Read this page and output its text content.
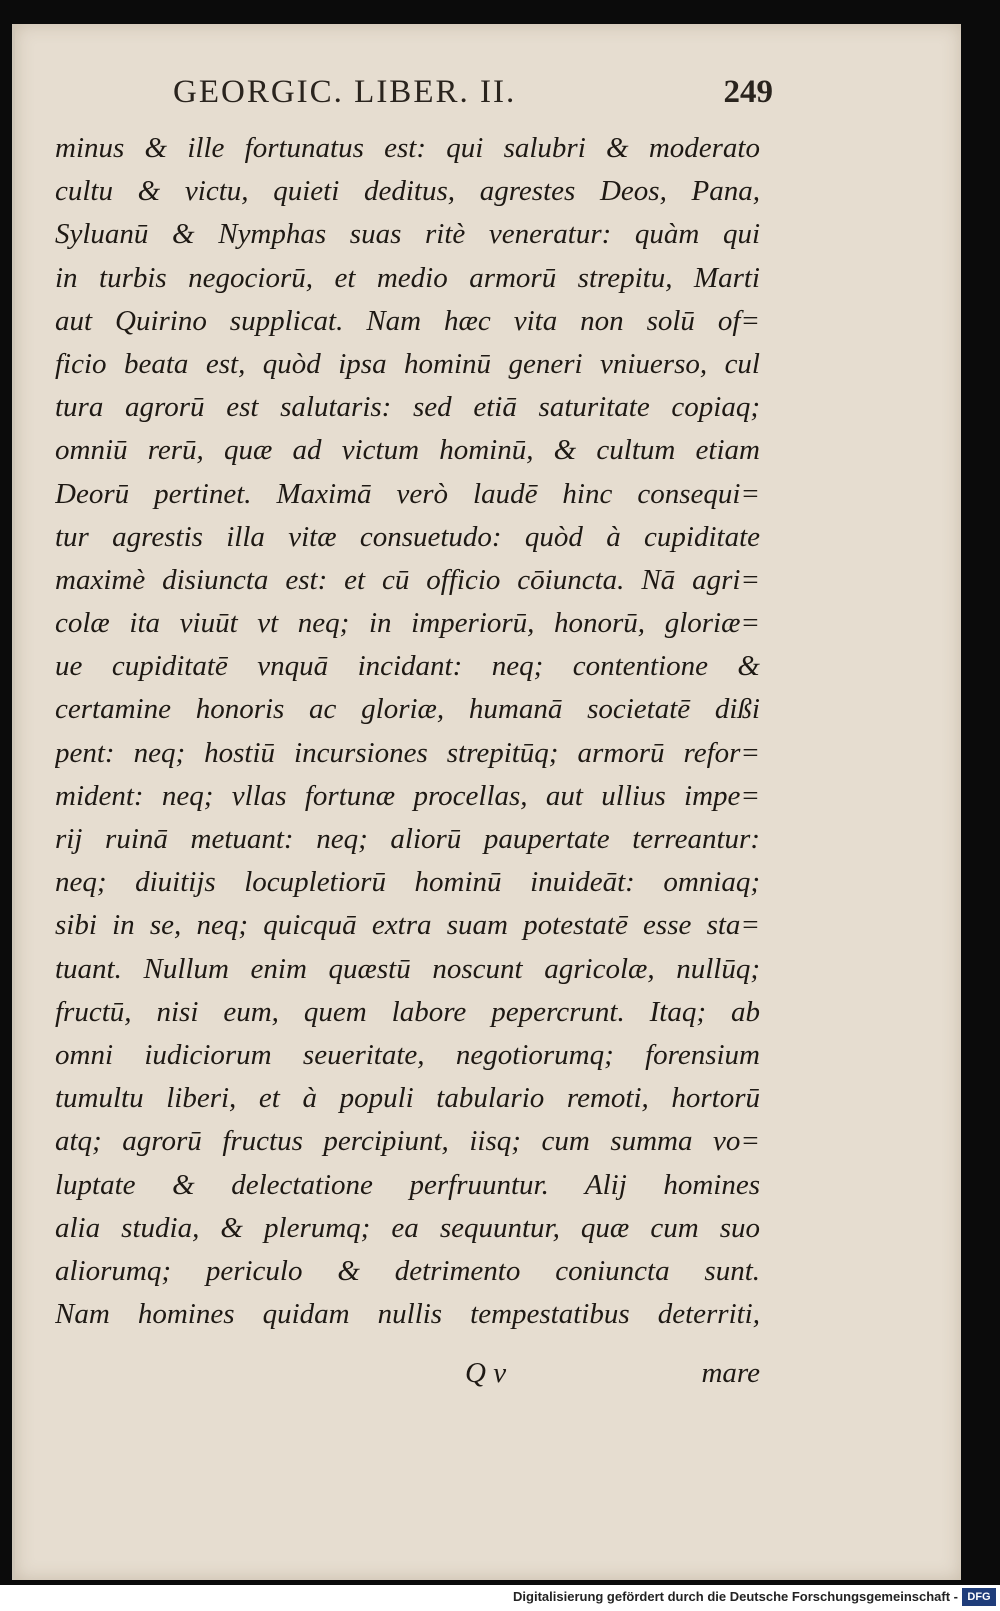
GEORGIC. LIBER. II.	249
minus & ille fortunatus est: qui salubri & moderato
cultu & victu, quieti deditus, agrestes Deos, Pana,
Syluanū & Nymphas suas ritè veneratur: quàm qui
in turbis negociorū, et medio armorū strepitu, Marti
aut Quirino supplicat. Nam hæc vita non solū of=
ficio beata est, quòd ipsa hominū generi vniuerso, cul
tura agrorū est salutaris: sed etiā saturitate copiaq;
omniū rerū, quæ ad victum hominū, & cultum etiam
Deorū pertinet. Maximā verò laudē hinc consequi=
tur agrestis illa vitæ consuetudo: quòd à cupiditate
maximè disiuncta est: et cū officio cōiuncta. Nā agri=
colæ ita viuūt vt neq; in imperiorū, honorū, gloriæ=
ue cupiditatē vnquā incidant: neq; contentione &
certamine honoris ac gloriæ, humanā societatē dißi
pent: neq; hostiū incursiones strepitūq; armorū refor=
mident: neq; vllas fortunæ procellas, aut ullius impe=
rij ruinā metuant: neq; aliorū paupertate terreantur:
neq; diuitijs locupletiorū hominū inuideāt: omniaq;
sibi in se, neq; quicquā extra suam potestatē esse sta=
tuant. Nullum enim quæstū noscunt agricolæ, nullūq;
fructū, nisi eum, quem labore pepercrunt. Itaq; ab
omni iudiciorum seueritate, negotiorumq; forensium
tumultu liberi, et à populi tabulario remoti, hortorū
atq; agrorū fructus percipiunt, iisq; cum summa vo=
luptate & delectatione perfruuntur. Alij homines
alia studia, & plerumq; ea sequuntur, quæ cum suo
aliorumq; periculo & detrimento coniuncta sunt.
Nam homines quidam nullis tempestatibus deterriti,
Q v	mare
Digitalisierung gefördert durch die Deutsche Forschungsgemeinschaft - DFG
